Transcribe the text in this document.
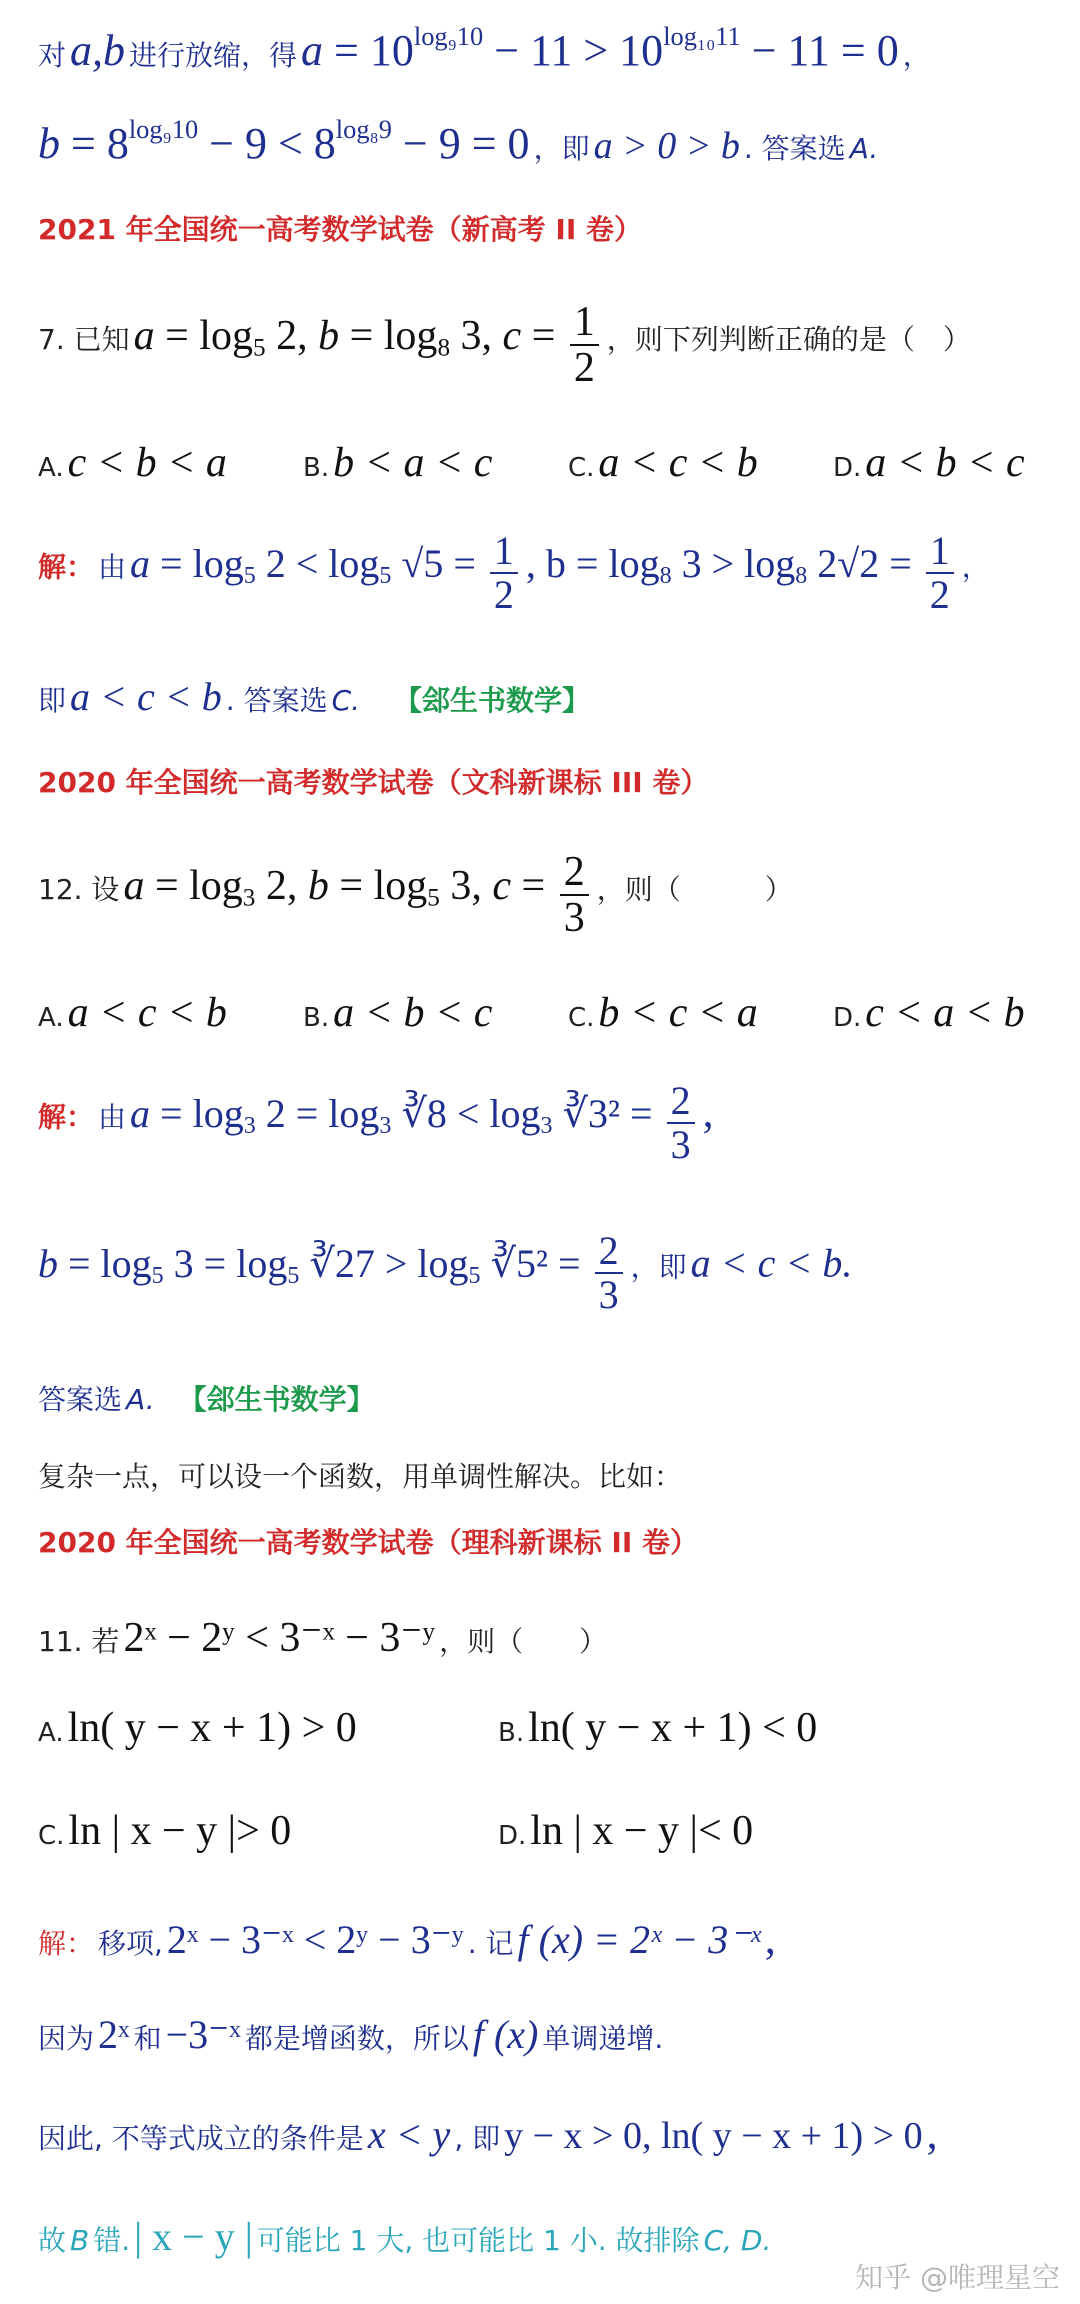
对 a,b 进行放缩，得 $a = 10^{log_910} - 11 > 10^{log_{10}11} - 11 = 0$ ，
$b = 8^{log_910} - 9 < 8^{log_89} - 9 = 0$ ，即 a > 0 > b . 答案选 A.
2021 年全国统一高考数学试卷（新高考 II 卷）
7. 已知 $a = \log_5 2$, $b = \log_8 3$, $c = \frac{1}{2}$ ，则下列判断正确的是（　）
A. c < b < a	B. b < a < c	C. a < c < b	D. a < b < c
解： 由 $a = \log_5 2 < \log_5 √5 = \frac{1}{2}$ , $b = \log_8 3 > \log_8 2√2 = \frac{1}{2}$ ，
即 a < c < b . 答案选 C. 【郐生书数学】
2020 年全国统一高考数学试卷（文科新课标 III 卷）
12. 设 $a = \log_3 2$, $b = \log_5 3$, $c = \frac{2}{3}$ ，则（　　　）
A. a < c < b	B. a < b < c	C. b < c < a	D. c < a < b
解： 由 $a = \log_3 2 = \log_3$ ∛8 < $\log_3$ ∛3² = $\frac{2}{3}$ ,
$b = \log_5 3 = \log_5$ ∛27 > $\log_5$ ∛5² = $\frac{2}{3}$ ，即 a < c < b.
答案选 A. 【郐生书数学】
复杂一点，可以设一个函数，用单调性解决。比如：
2020 年全国统一高考数学试卷（理科新课标 II 卷）
11. 若 2ˣ − 2ʸ < 3⁻ˣ − 3⁻ʸ ，则（　　）
A. ln( y − x + 1) > 0	B. ln( y − x + 1) < 0
C. ln | x − y |> 0	D. ln | x − y |< 0
解： 移项, 2ˣ − 3⁻ˣ < 2ʸ − 3⁻ʸ . 记 f (x) = 2ˣ − 3⁻ˣ ,
因为 2ˣ 和 −3⁻ˣ 都是增函数，所以 f (x) 单调递增.
因此, 不等式成立的条件是 x < y , 即 y − x > 0, ln( y − x + 1) > 0 ,
故 B 错. | x − y | 可能比 1 大, 也可能比 1 小. 故排除 C, D.
知乎 @唯理星空
